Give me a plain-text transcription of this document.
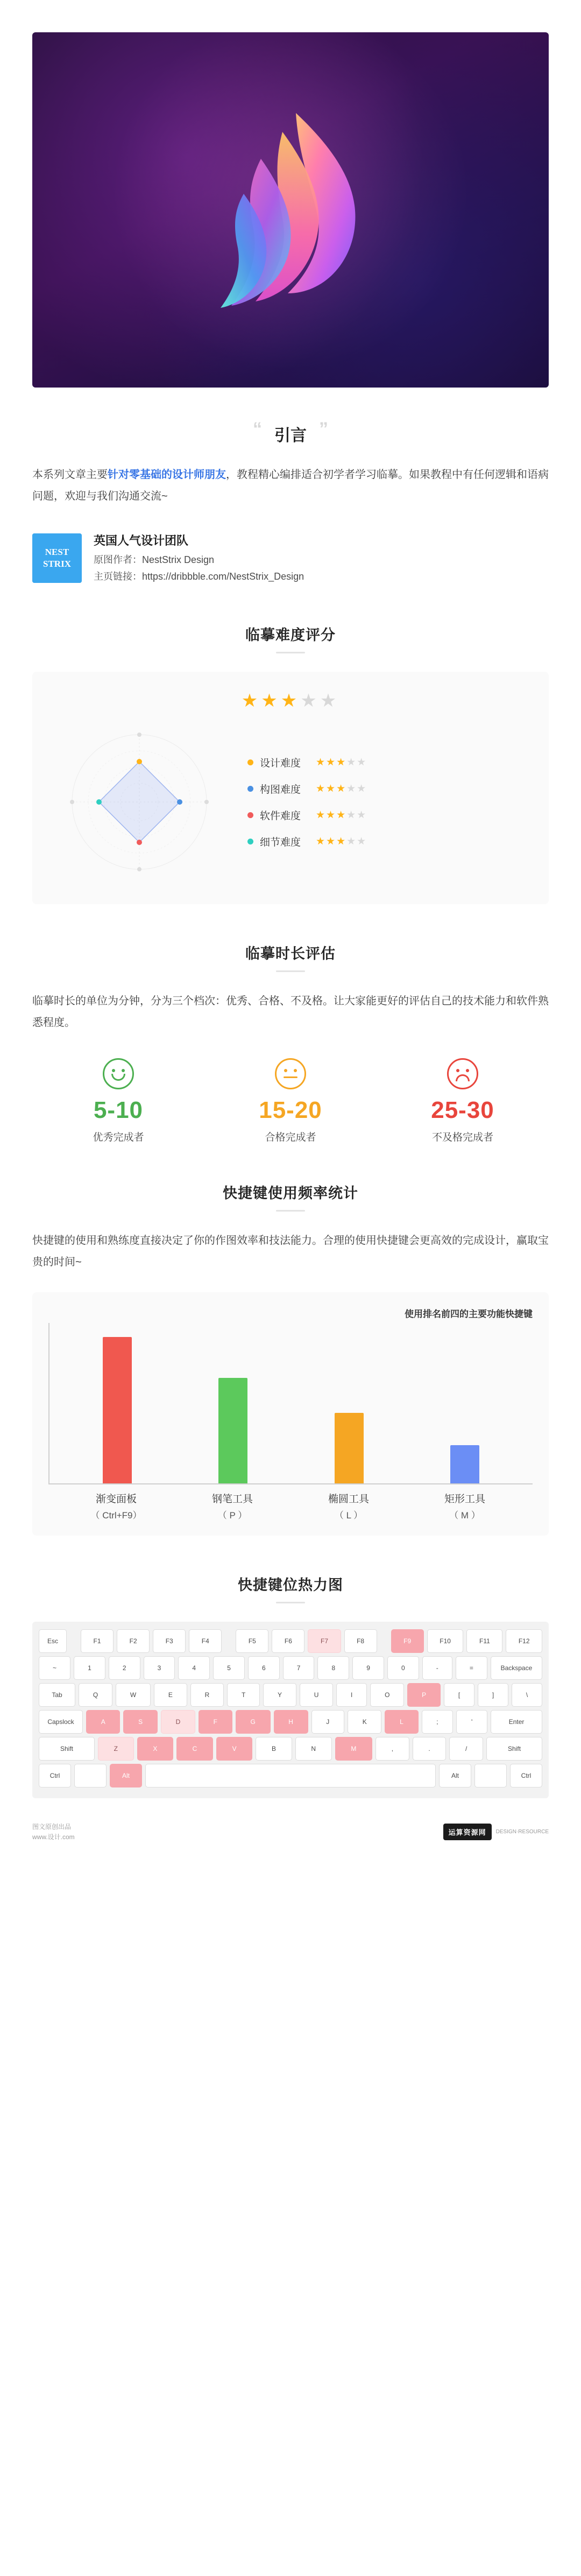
“ 引言 ”

本系列文章主要针对零基础的设计师朋友，教程精心编排适合初学者学习临摹。如果教程中有任何逻辑和语病问题，欢迎与我们沟通交流~

NEST
STRIX
英国人气设计团队
原图作者：NestStrix Design
主页链接：https://dribbble.com/NestStrix_Design
临摹难度评分
★★★★★
设计难度	★★★★★
构图难度	★★★★★
软件难度	★★★★★
细节难度	★★★★★
临摹时长评估

临摹时长的单位为分钟，分为三个档次：优秀、合格、不及格。让大家能更好的评估自己的技术能力和软件熟悉程度。

5-10
优秀完成者
15-20
合格完成者
25-30
不及格完成者
快捷键使用频率统计

快捷键的使用和熟练度直接决定了你的作图效率和技法能力。合理的使用快捷键会更高效的完成设计，赢取宝贵的时间~

使用排名前四的主要功能快捷键
渐变面板
（ Ctrl+F9）
钢笔工具
（ P ）
椭圆工具
（ L ）
矩形工具
（ M ）
快捷键位热力图
Esc	F1	F2	F3	F4	F5	F6	F7	F8	F9	F10	F11	F12
~	1	2	3	4	5	6	7	8	9	0	-	=	Backspace
Tab	Q	W	E	R	T	Y	U	I	O	P	[	]	\
Capslock	A	S	D	F	G	H	J	K	L	;	'	Enter
Shift	Z	X	C	V	B	N	M	,	.	/	Shift
Ctrl	Alt	Alt	Ctrl
图文原创出品
www.设计.com
运算资源网	DESIGN·RESOURCE
